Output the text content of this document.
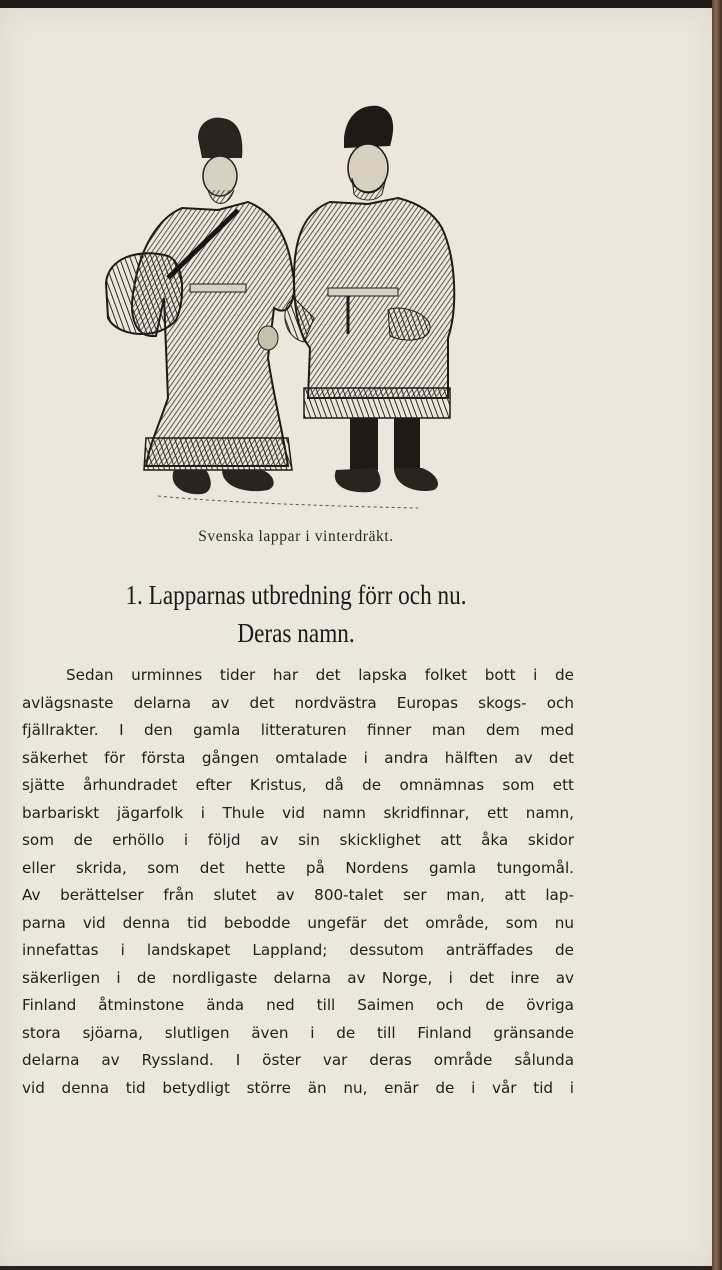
Svenska lappar i vinterdräkt.
1. Lapparnas utbredning förr och nu.
Deras namn.
Sedan urminnes tider har det lapska folket bott i de
avlägsnaste delarna av det nordvästra Europas skogs- och
fjällrakter. I den gamla litteraturen finner man dem med
säkerhet för första gången omtalade i andra hälften av det
sjätte århundradet efter Kristus, då de omnämnas som ett
barbariskt jägarfolk i Thule vid namn skridfinnar, ett namn,
som de erhöllo i följd av sin skicklighet att åka skidor
eller skrida, som det hette på Nordens gamla tungomål.
Av berättelser från slutet av 800-talet ser man, att lap-
parna vid denna tid bebodde ungefär det område, som nu
innefattas i landskapet Lappland; dessutom anträffades de
säkerligen i de nordligaste delarna av Norge, i det inre av
Finland åtminstone ända ned till Saimen och de övriga
stora sjöarna, slutligen även i de till Finland gränsande
delarna av Ryssland. I öster var deras område sålunda
vid denna tid betydligt större än nu, enär de i vår tid i
